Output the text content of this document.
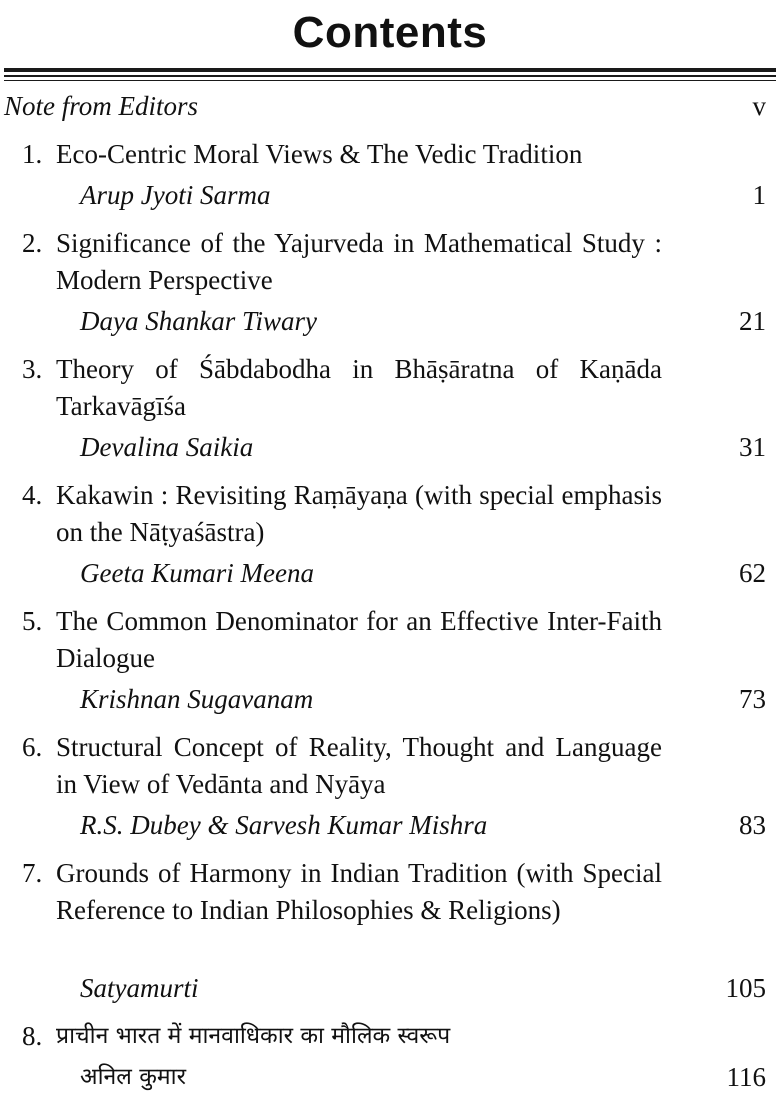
Contents
Note from Editors	v
1. Eco-Centric Moral Views & The Vedic Tradition
Arup Jyoti Sarma	1
2. Significance of the Yajurveda in Mathematical Study : Modern Perspective
Daya Shankar Tiwary	21
3. Theory of Śābdabodha in Bhāṣāratna of Kaṇāda Tarkavāgīśa
Devalina Saikia	31
4. Kakawin : Revisiting Raṃāyaṇa (with special emphasis on the Nāṭyaśāstra)
Geeta Kumari Meena	62
5. The Common Denominator for an Effective Inter-Faith Dialogue
Krishnan Sugavanam	73
6. Structural Concept of Reality, Thought and Language in View of Vedānta and Nyāya
R.S. Dubey & Sarvesh Kumar Mishra	83
7. Grounds of Harmony in Indian Tradition (with Special Reference to Indian Philosophies & Religions)
Satyamurti	105
8. प्राचीन भारत में मानवाधिकार का मौलिक स्वरूप
अनिल कुमार	116
